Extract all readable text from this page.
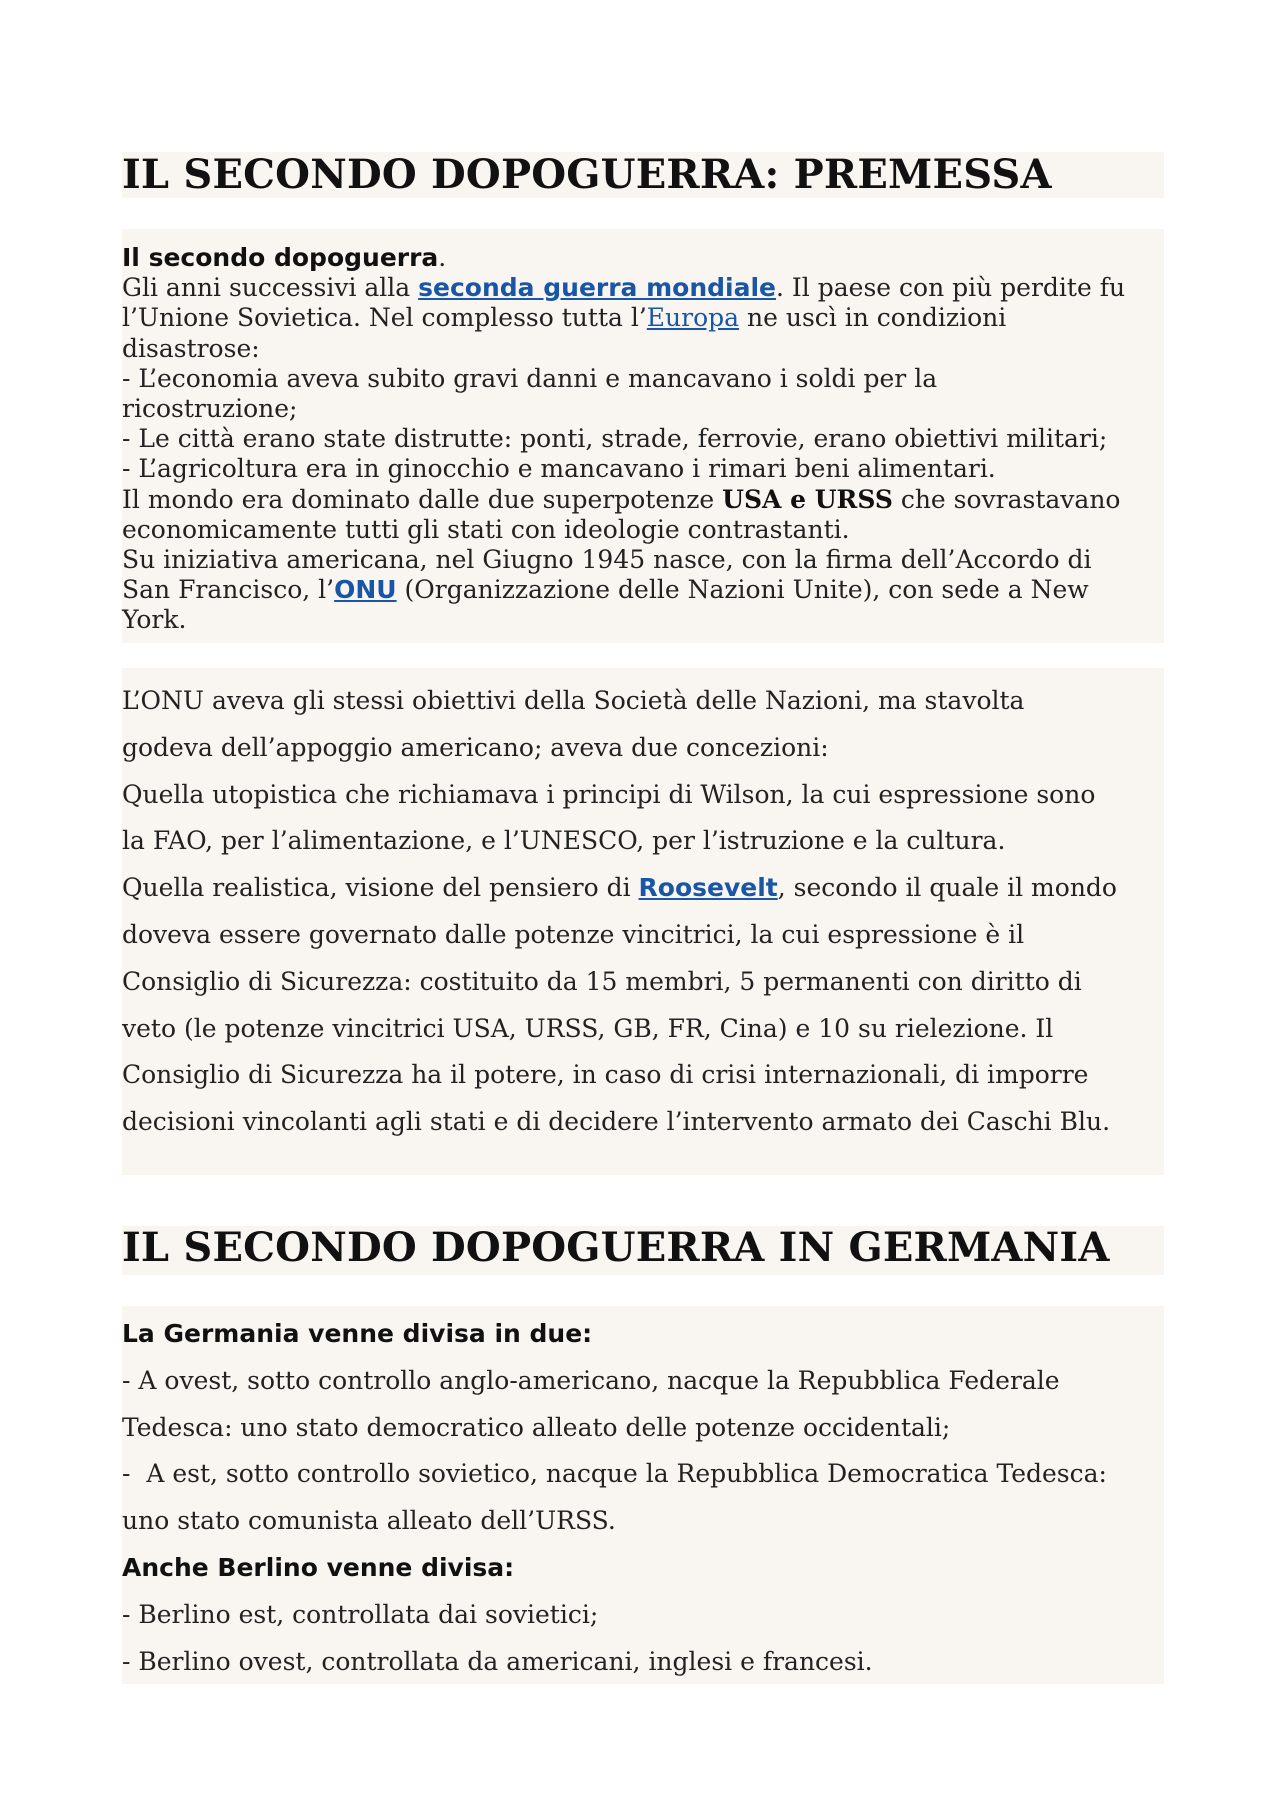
IL SECONDO DOPOGUERRA: PREMESSA
Il secondo dopoguerra.
Gli anni successivi alla seconda guerra mondiale. Il paese con più perdite fu
l’Unione Sovietica. Nel complesso tutta l’Europa ne uscì in condizioni
disastrose:
- L’economia aveva subito gravi danni e mancavano i soldi per la
ricostruzione;
- Le città erano state distrutte: ponti, strade, ferrovie, erano obiettivi militari;
- L’agricoltura era in ginocchio e mancavano i rimari beni alimentari.
Il mondo era dominato dalle due superpotenze USA e URSS che sovrastavano
economicamente tutti gli stati con ideologie contrastanti.
Su iniziativa americana, nel Giugno 1945 nasce, con la firma dell’Accordo di
San Francisco, l’ONU (Organizzazione delle Nazioni Unite), con sede a New
York.
L’ONU aveva gli stessi obiettivi della Società delle Nazioni, ma stavolta
godeva dell’appoggio americano; aveva due concezioni:
Quella utopistica che richiamava i principi di Wilson, la cui espressione sono
la FAO, per l’alimentazione, e l’UNESCO, per l’istruzione e la cultura.
Quella realistica, visione del pensiero di Roosevelt, secondo il quale il mondo
doveva essere governato dalle potenze vincitrici, la cui espressione è il
Consiglio di Sicurezza: costituito da 15 membri, 5 permanenti con diritto di
veto (le potenze vincitrici USA, URSS, GB, FR, Cina) e 10 su rielezione. Il
Consiglio di Sicurezza ha il potere, in caso di crisi internazionali, di imporre
decisioni vincolanti agli stati e di decidere l’intervento armato dei Caschi Blu.
IL SECONDO DOPOGUERRA IN GERMANIA
La Germania venne divisa in due:
- A ovest, sotto controllo anglo-americano, nacque la Repubblica Federale
Tedesca: uno stato democratico alleato delle potenze occidentali;
-  A est, sotto controllo sovietico, nacque la Repubblica Democratica Tedesca:
uno stato comunista alleato dell’URSS.
Anche Berlino venne divisa:
- Berlino est, controllata dai sovietici;
- Berlino ovest, controllata da americani, inglesi e francesi.
